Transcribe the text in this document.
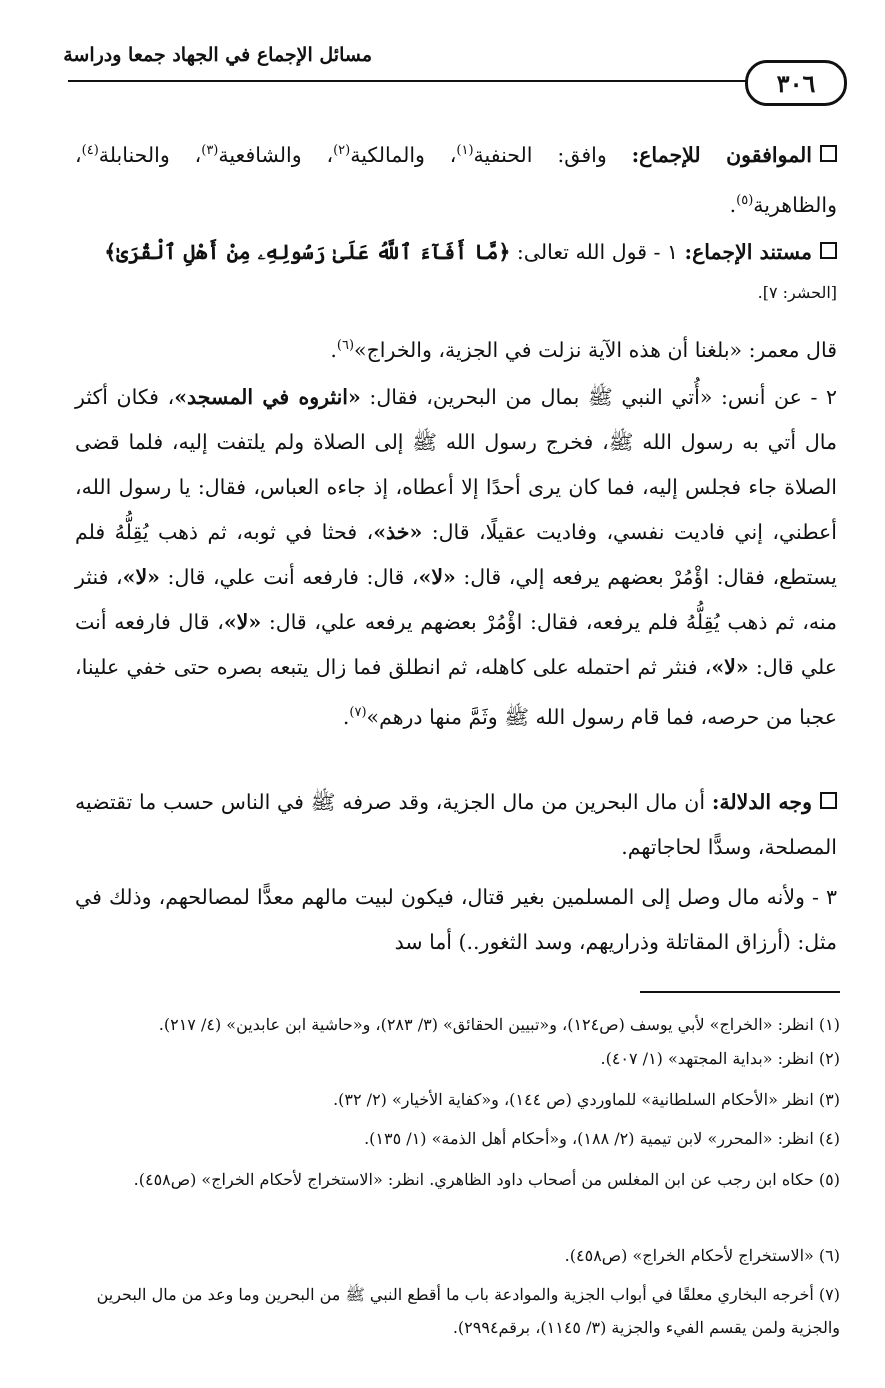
مسائل الإجماع في الجهاد جمعا ودراسة
٣٠٦
الموافقون للإجماع: وافق: الحنفية$^{(١)}$، والمالكية$^{(٢)}$، والشافعية$^{(٣)}$، والحنابلة$^{(٤)}$، والظاهرية$^{(٥)}$.
مستند الإجماع: ١ - قول الله تعالى: ﴿مَّا أَفَآءَ ٱللَّهُ عَلَىٰ رَسُولِهِۦ مِنْ أَهْلِ ٱلْقُرَىٰ﴾
[الحشر: ٧].
قال معمر: «بلغنا أن هذه الآية نزلت في الجزية، والخراج»$^{(٦)}$.
٢ - عن أنس: «أُتي النبي ﷺ بمال من البحرين، فقال: «انثروه في المسجد»، فكان أكثر مال أتي به رسول الله ﷺ، فخرج رسول الله ﷺ إلى الصلاة ولم يلتفت إليه، فلما قضى الصلاة جاء فجلس إليه، فما كان يرى أحدًا إلا أعطاه، إذ جاءه العباس، فقال: يا رسول الله، أعطني، إني فاديت نفسي، وفاديت عقيلًا، قال: «خذ»، فحثا في ثوبه، ثم ذهب يُقِلُّهُ فلم يستطع، فقال: اؤْمُرْ بعضهم يرفعه إلي، قال: «لا»، قال: فارفعه أنت علي، قال: «لا»، فنثر منه، ثم ذهب يُقِلُّهُ فلم يرفعه، فقال: اؤْمُرْ بعضهم يرفعه علي، قال: «لا»، قال فارفعه أنت علي قال: «لا»، فنثر ثم احتمله على كاهله، ثم انطلق فما زال يتبعه بصره حتى خفي علينا، عجبا من حرصه، فما قام رسول الله ﷺ وثَمَّ منها درهم»$^{(٧)}$.
وجه الدلالة: أن مال البحرين من مال الجزية، وقد صرفه ﷺ في الناس حسب ما تقتضيه المصلحة، وسدًّا لحاجاتهم.
٣ - ولأنه مال وصل إلى المسلمين بغير قتال، فيكون لبيت مالهم معدًّا لمصالحهم، وذلك في مثل: (أرزاق المقاتلة وذراريهم، وسد الثغور..) أما سد
(١) انظر: «الخراج» لأبي يوسف (ص١٢٤)، و«تبيين الحقائق» (٣/ ٢٨٣)، و«حاشية ابن عابدين» (٤/ ٢١٧).
(٢) انظر: «بداية المجتهد» (١/ ٤٠٧).
(٣) انظر «الأحكام السلطانية» للماوردي (ص ١٤٤)، و«كفاية الأخيار» (٢/ ٣٢).
(٤) انظر: «المحرر» لابن تيمية (٢/ ١٨٨)، و«أحكام أهل الذمة» (١/ ١٣٥).
(٥) حكاه ابن رجب عن ابن المغلس من أصحاب داود الظاهري. انظر: «الاستخراج لأحكام الخراج» (ص٤٥٨).
(٦) «الاستخراج لأحكام الخراج» (ص٤٥٨).
(٧) أخرجه البخاري معلقًا في أبواب الجزية والموادعة باب ما أقطع النبي ﷺ من البحرين وما وعد من مال البحرين والجزية ولمن يقسم الفيء والجزية (٣/ ١١٤٥)، برقم٢٩٩٤).
